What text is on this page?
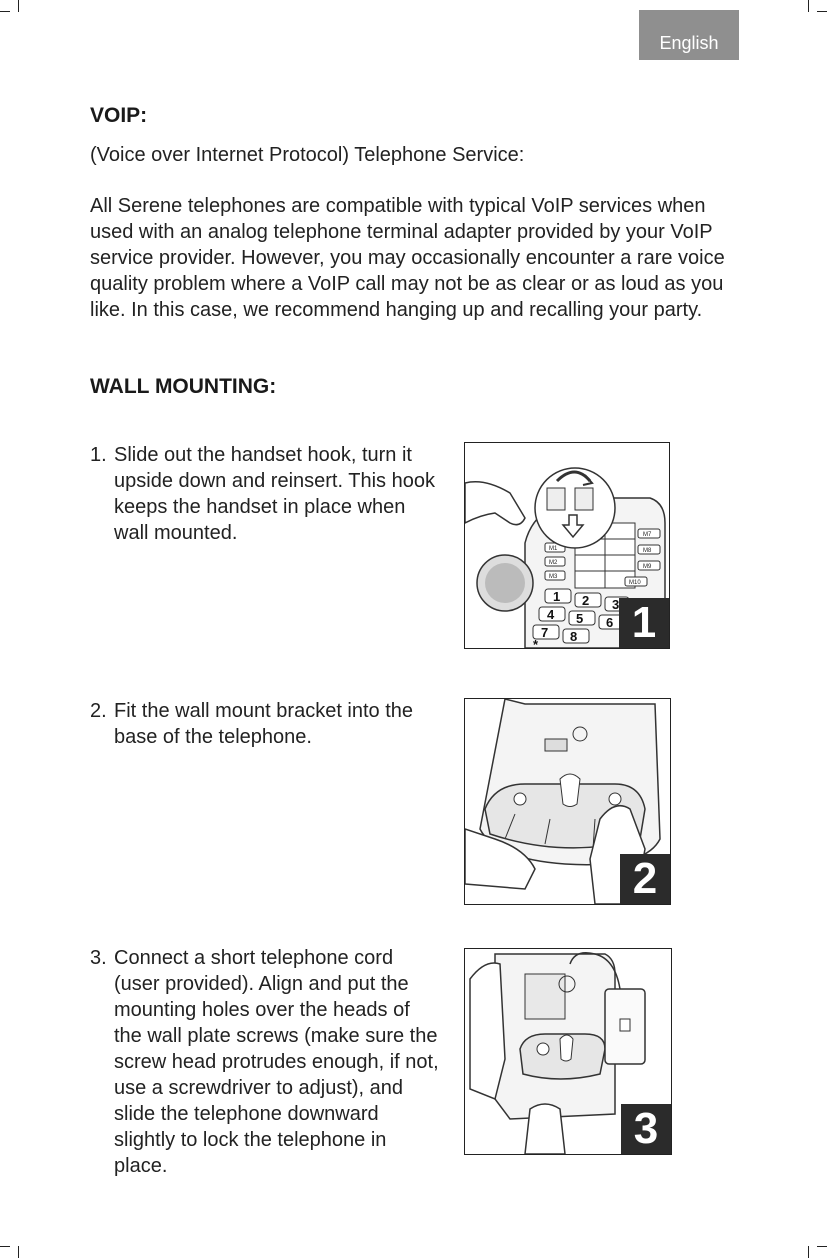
English
VOIP:
(Voice over Internet Protocol) Telephone Service:
All Serene telephones are compatible with typical VoIP services when used with an analog telephone terminal adapter provided by your VoIP service provider. However, you may occasionally encounter a rare voice quality problem where a VoIP call may not be as clear or as loud as you like. In this case, we recommend hanging up and recalling your party.
WALL MOUNTING:
1. Slide out the handset hook, turn it upside down and reinsert. This hook keeps the handset in place when wall mounted.	M7
M8
M9
M10
M1
M2
M3
1 2 3
4 5 6
7 8
* 1
2. Fit the wall mount bracket into the base of the telephone.
2
3. Connect a short telephone cord (user provided). Align and put the mounting holes over the heads of the wall plate screws (make sure the screw head protrudes enough, if not, use a screwdriver to adjust), and slide the telephone downward slightly to lock the telephone in place.
3
